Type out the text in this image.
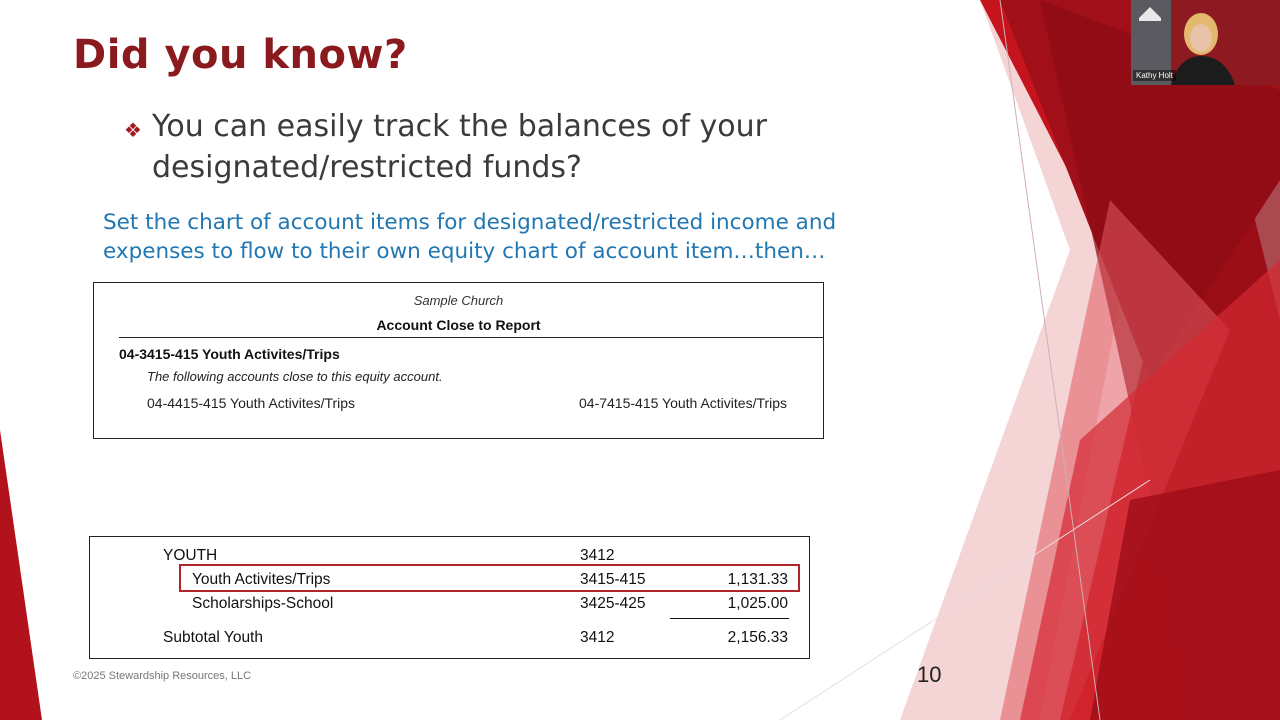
Did you know?
❖ You can easily track the balances of your designated/restricted funds?
Set the chart of account items for designated/restricted income and expenses to flow to their own equity chart of account item…then…
Sample Church
Account Close to Report
04-3415-415 Youth Activites/Trips
The following accounts close to this equity account.
04-4415-415 Youth Activites/Trips	04-7415-415 Youth Activites/Trips
YOUTH	3412
Youth Activites/Trips	3415-415	1,131.33
Scholarships-School	3425-425	1,025.00
Subtotal Youth	3412	2,156.33
©2025 Stewardship Resources, LLC	10
Kathy Holt
